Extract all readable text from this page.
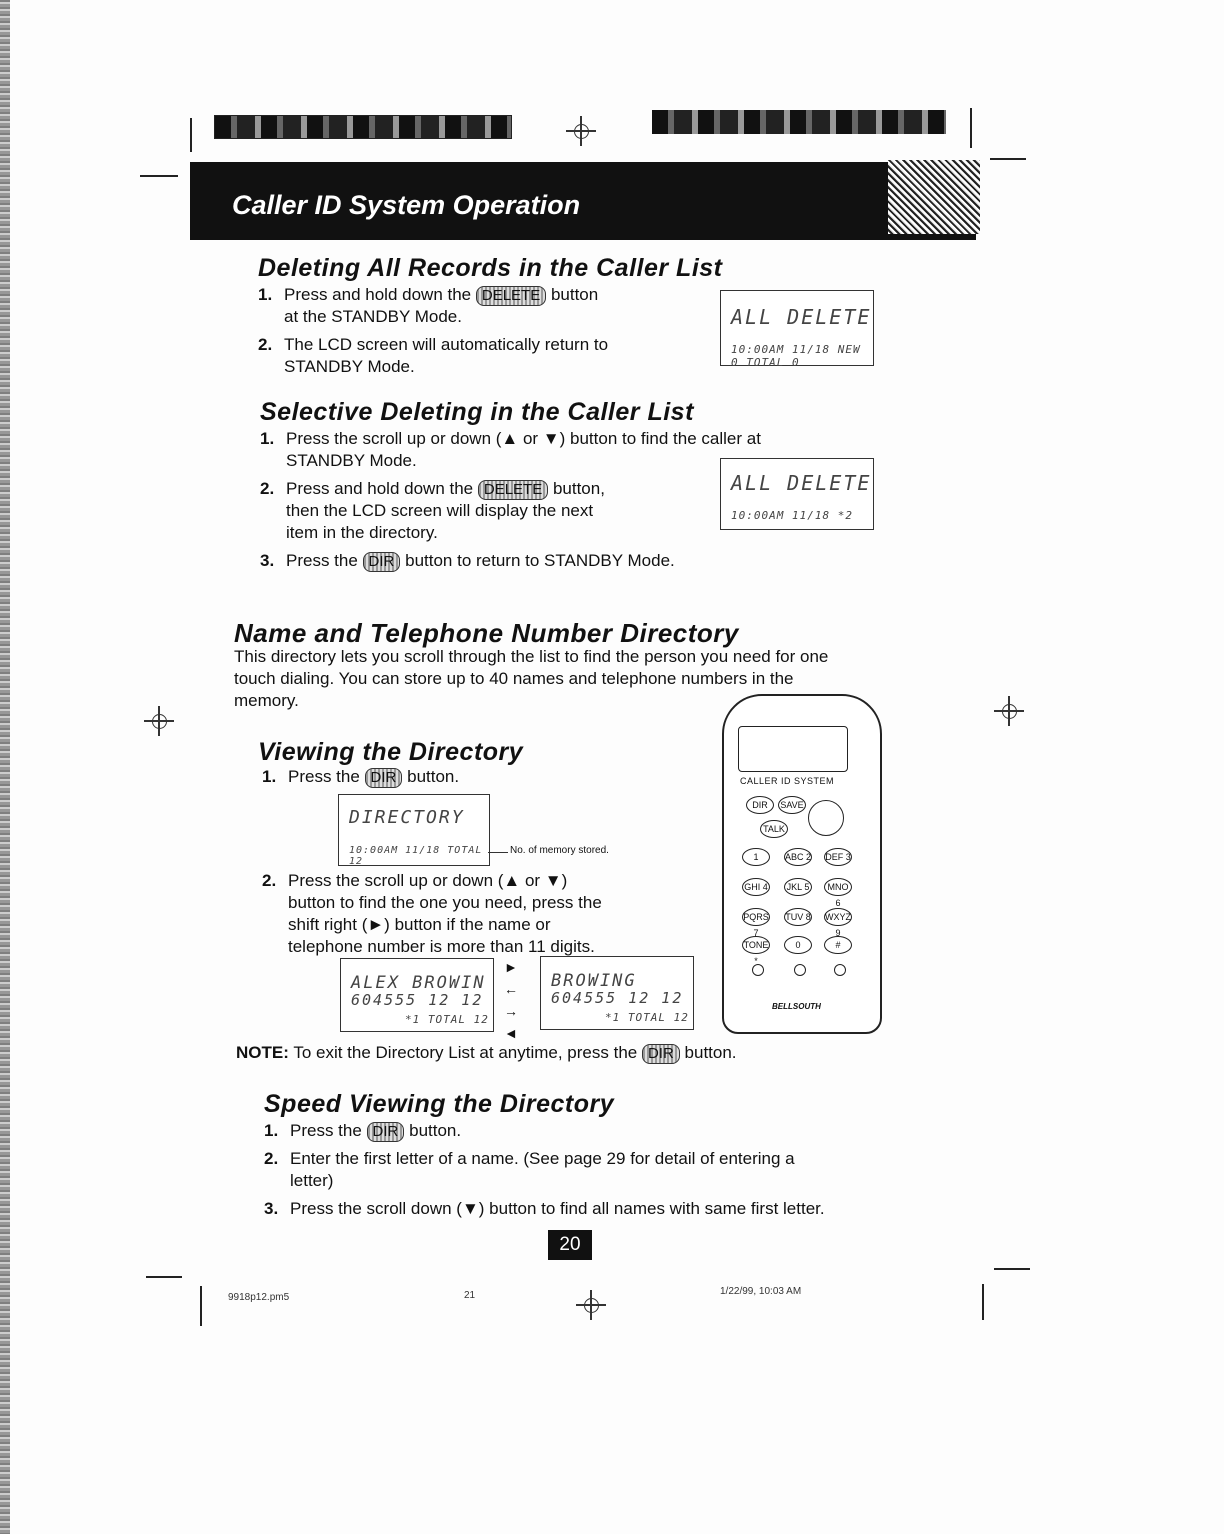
Caller ID System Operation
Deleting All Records in the Caller List
1. Press and hold down the DELETE button
at the STANDBY Mode.
2. The LCD screen will automatically return to
STANDBY Mode.
ALL DELETE
10:00AM 11/18 NEW 0 TOTAL 0
Selective Deleting in the Caller List
1. Press the scroll up or down (▲ or ▼) button to find the caller at
STANDBY Mode.
2. Press and hold down the DELETE button,
then the LCD screen will display the next
item in the directory.
3. Press the DIR button to return to STANDBY Mode.
ALL DELETE
10:00AM 11/18 *2
Name and Telephone Number Directory
This directory lets you scroll through the list to find the person you need for one
touch dialing. You can store up to 40 names and telephone numbers in the
memory.
Viewing the Directory
1. Press the DIR button.
DIRECTORY
10:00AM 11/18 TOTAL 12
No. of memory stored.
2. Press the scroll up or down (▲ or ▼)
button to find the one you need, press the
shift right (►) button if the name or
telephone number is more than 11 digits.
ALEX BROWIN
604555 12 12
*1 TOTAL 12
►
←
→
◄
BROWING
604555 12 12
*1 TOTAL 12
CALLER ID SYSTEM
DIR	SAVE
TALK
1	ABC 2 DEF 3
GHI 4 JKL 5	MNO 6
PQRS 7
TUV 8 WXYZ 9
TONE *
0	#
BELLSOUTH
NOTE: To exit the Directory List at anytime, press the DIR button.
Speed Viewing the Directory
1. Press the DIR button.
2. Enter the first letter of a name. (See page 29 for detail of entering a
letter)
3. Press the scroll down (▼) button to find all names with same first letter.
20
9918p12.pm5	21	1/22/99, 10:03 AM
